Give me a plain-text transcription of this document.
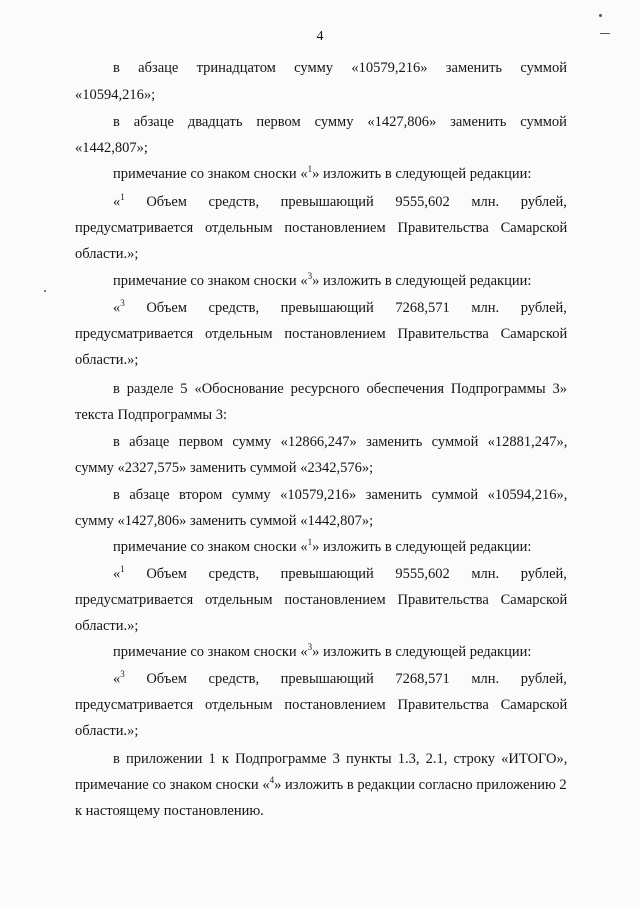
4
в абзаце тринадцатом сумму «10579,216» заменить суммой
«10594,216»;
в абзаце двадцать первом сумму «1427,806» заменить суммой
«1442,807»;
примечание со знаком сноски «$^1$» изложить в следующей редакции:
«$^1$ Объем средств, превышающий 9555,602 млн. рублей,
предусматривается отдельным постановлением Правительства Самарской
области.»;
примечание со знаком сноски «$^3$» изложить в следующей редакции:
«$^3$ Объем средств, превышающий 7268,571 млн. рублей,
предусматривается отдельным постановлением Правительства Самарской
области.»;
в разделе 5 «Обоснование ресурсного обеспечения Подпрограммы 3»
текста Подпрограммы 3:
в абзаце первом сумму «12866,247» заменить суммой «12881,247»,
сумму «2327,575» заменить суммой «2342,576»;
в абзаце втором сумму «10579,216» заменить суммой «10594,216»,
сумму «1427,806» заменить суммой «1442,807»;
примечание со знаком сноски «$^1$» изложить в следующей редакции:
«$^1$ Объем средств, превышающий 9555,602 млн. рублей,
предусматривается отдельным постановлением Правительства Самарской
области.»;
примечание со знаком сноски «$^3$» изложить в следующей редакции:
«$^3$ Объем средств, превышающий 7268,571 млн. рублей,
предусматривается отдельным постановлением Правительства Самарской
области.»;
в приложении 1 к Подпрограмме 3 пункты 1.3, 2.1, строку «ИТОГО»,
примечание со знаком сноски «$^4$» изложить в редакции согласно приложению 2
к настоящему постановлению.
